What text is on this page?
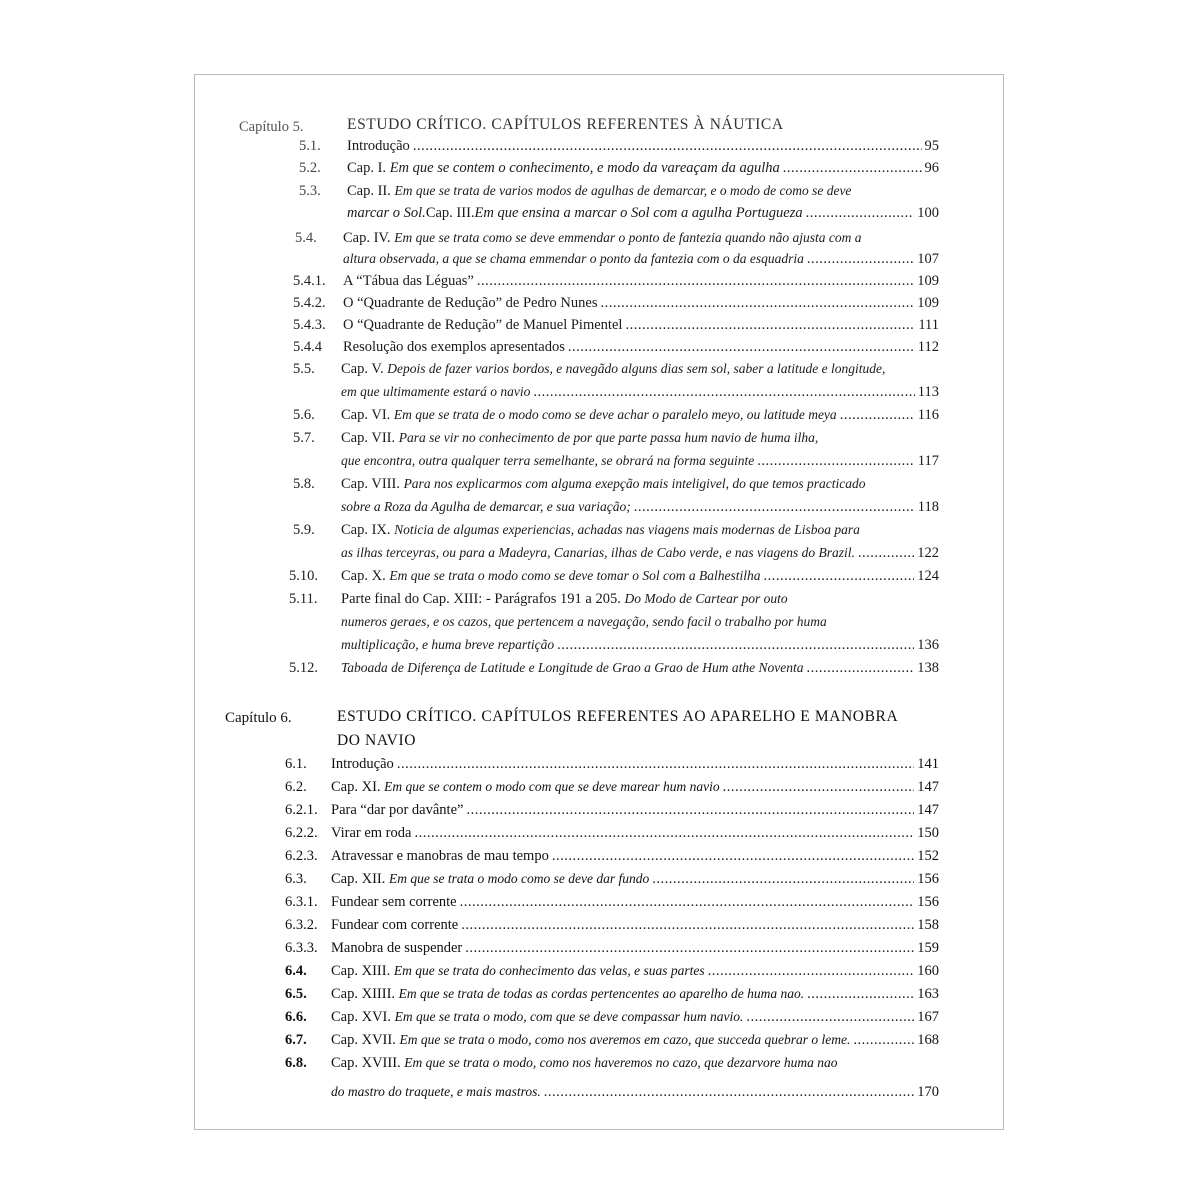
Capítulo 5.	ESTUDO CRÍTICO. CAPÍTULOS REFERENTES À NÁUTICA
5.1. Introdução .....	95
5.2. Cap. I.
Em que se contem o conhecimento, e modo da vareaçam da agulha .....	96
5.3. Cap. II.
Em que se trata de varios modos de agulhas de demarcar, e o modo de como se deve
marcar o Sol. Cap. III. Em que ensina a marcar o Sol com a agulha Portugueza .....	100
5.4. Cap. IV.
Em que se trata como se deve emmendar o ponto de fantezia quando não ajusta com a
altura observada, a que se chama emmendar o ponto da fantezia com o da esquadria .....	107
5.4.1. A “Tábua das Léguas” .....	109
5.4.2. O “Quadrante de Redução” de Pedro Nunes .....	109
5.4.3. O “Quadrante de Redução” de Manuel Pimentel .....	111
5.4.4 Resolução dos exemplos apresentados .....	112
5.5. Cap. V.
Depois de fazer varios bordos, e navegãdo alguns dias sem sol, saber a latitude e longitude,
em que ultimamente estará o navio .....	113
5.6. Cap. VI.
Em que se trata de o modo como se deve achar o paralelo meyo, ou latitude meya .....	116
5.7. Cap. VII.
Para se vir no conhecimento de por que parte passa hum navio de huma ilha,
que encontra, outra qualquer terra semelhante, se obrará na forma seguinte .....	117
5.8. Cap. VIII.
Para nos explicarmos com alguma exepção mais inteligivel, do que temos practicado
sobre a Roza da Agulha de demarcar, e sua variação; .....	118
5.9. Cap. IX.
Noticia de algumas experiencias, achadas nas viagens mais modernas de Lisboa para
as ilhas terceyras, ou para a Madeyra, Canarias, ilhas de Cabo verde, e nas viagens do Brazil. .....	122
5.10. Cap. X.
Em que se trata o modo como se deve tomar o Sol com a Balhestilha .....	124
5.11. Parte final do Cap. XIII: - Parágrafos 191 a 205.
Do Modo de Cartear por outo
numeros geraes, e os cazos, que pertencem a navegação, sendo facil o trabalho por huma
multiplicação, e huma breve repartição .....	136
5.12. Taboada de Diferença de Latitude e Longitude de Grao a Grao de Hum athe Noventa .....	138
Capítulo 6.	ESTUDO CRÍTICO. CAPÍTULOS REFERENTES AO APARELHO E MANOBRA
DO NAVIO
6.1. Introdução .....	141
6.2. Cap. XI.
Em que se contem o modo com que se deve marear hum navio .....	147
6.2.1. Para “dar por davânte” .....	147
6.2.2. Virar em roda .....	150
6.2.3. Atravessar e manobras de mau tempo .....	152
6.3. Cap. XII.
Em que se trata o modo como se deve dar fundo .....	156
6.3.1. Fundear sem corrente .....	156
6.3.2. Fundear com corrente .....	158
6.3.3. Manobra de suspender .....	159
6.4. Cap. XIII.
Em que se trata do conhecimento das velas, e suas partes .....	160
6.5. Cap. XIIII.
Em que se trata de todas as cordas pertencentes ao aparelho de huma nao. .....	163
6.6. Cap. XVI.
Em que se trata o modo, com que se deve compassar hum navio. .....	167
6.7. Cap. XVII.
Em que se trata o modo, como nos averemos em cazo, que succeda quebrar o leme. .....	168
6.8. Cap. XVIII.
Em que se trata o modo, como nos haveremos no cazo, que dezarvore huma nao
do mastro do traquete, e mais mastros. .....	170
